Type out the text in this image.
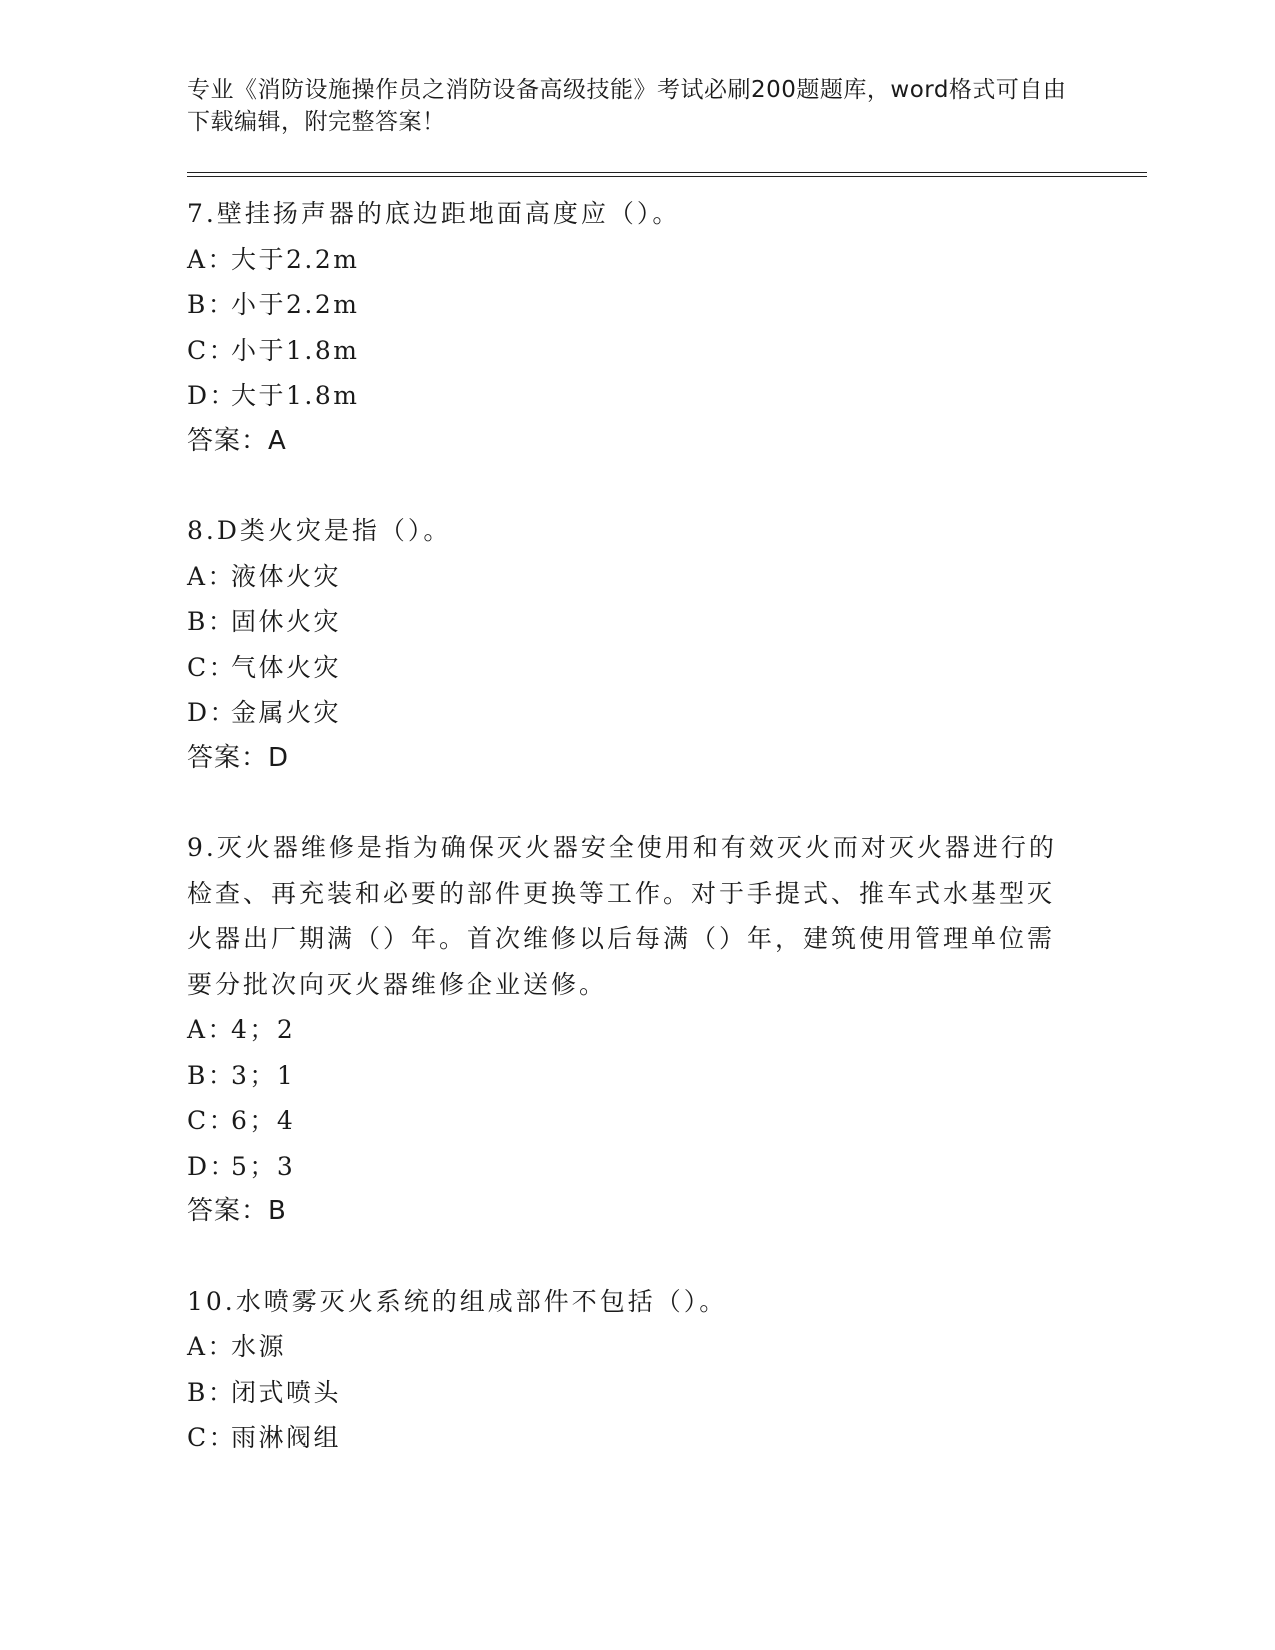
专业《消防设施操作员之消防设备高级技能》考试必刷200题题库，word格式可自由下载编辑，附完整答案！

7.壁挂扬声器的底边距地面高度应（）。

A：大于2.2m

B：小于2.2m

C：小于1.8m

D：大于1.8m

答案：A

8.D类火灾是指（）。

A：液体火灾

B：固休火灾

C：气体火灾

D：金属火灾

答案：D

9.灭火器维修是指为确保灭火器安全使用和有效灭火而对灭火器进行的检查、再充装和必要的部件更换等工作。对于手提式、推车式水基型灭火器出厂期满（）年。首次维修以后每满（）年，建筑使用管理单位需要分批次向灭火器维修企业送修。

A：4；2

B：3；1

C：6；4

D：5；3

答案：B

10.水喷雾灭火系统的组成部件不包括（）。

A：水源

B：闭式喷头

C：雨淋阀组
